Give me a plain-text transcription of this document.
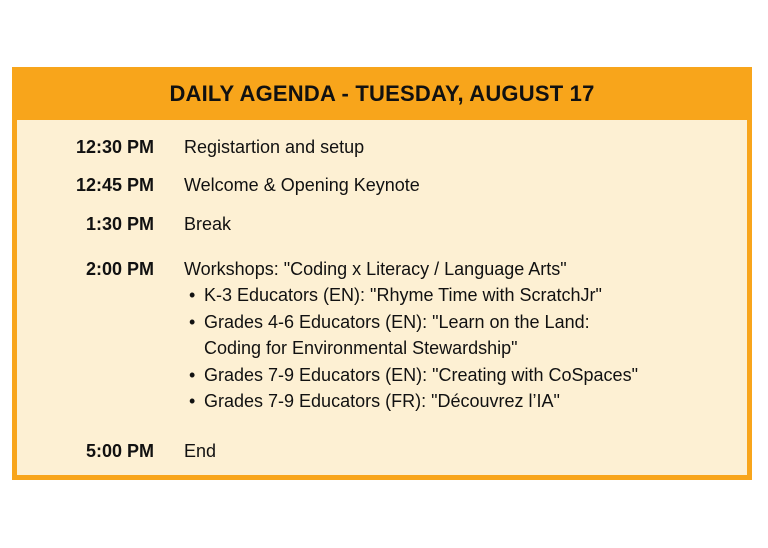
DAILY AGENDA - TUESDAY, AUGUST 17
12:30 PM Registartion and setup
12:45 PM Welcome & Opening Keynote
1:30 PM Break
2:00 PM Workshops: "Coding x Literacy / Language Arts"
• K-3 Educators (EN): "Rhyme Time with ScratchJr"
• Grades 4-6 Educators (EN): "Learn on the Land:
Coding for Environmental Stewardship"
• Grades 7-9 Educators (EN): "Creating with CoSpaces"
• Grades 7-9 Educators (FR): "Découvrez l’IA"
5:00 PM End
